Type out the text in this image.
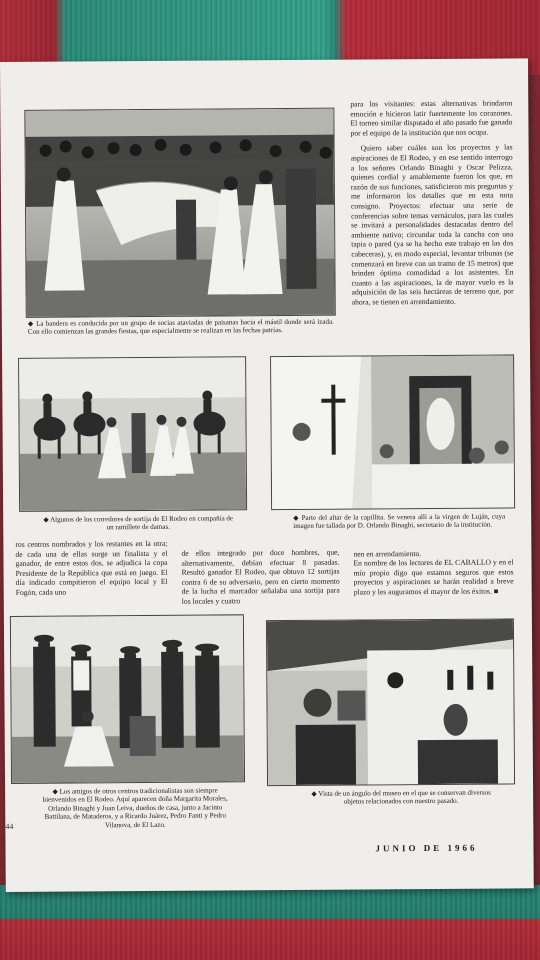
◆ La bandera es conducida por un grupo de socias ataviadas de paisanas hacia el mástil donde será izada. Con ello comienzan las grandes fiestas, que especialmente se realizan en las fechas patrias.

para los visitantes: estas alternativas brindaron emoción e hicieron latir fuertemente los corazones. El torneo similar disputado el año pasado fue ganado por el equipo de la institución que nos ocupa.

Quiero saber cuáles son los proyectos y las aspiraciones de El Rodeo, y en ese sentido interrogo a los señores Orlando Binaghi y Oscar Pelizza, quienes cordial y amablemente fueron los que, en razón de sus funciones, satisficieron mis preguntas y me informaron los detalles que en esta nota consigno. Proyectos: efectuar una serie de conferencias sobre temas vernáculos, para las cuales se invitará a personalidades destacadas dentro del ambiente nativo; circundar toda la cancha con una tapia o pared (ya se ha hecho este trabajo en las dos cabeceras), y, en modo especial, levantar tribunas (se comenzará en breve con un tramo de 15 metros) que brinden óptima comodidad a los asistentes. En cuanto a las aspiraciones, la de mayor vuelo es la adquisición de las seis hectáreas de terreno que, por ahora, se tienen en arrendamiento.

◆ Algunos de los corredores de sortija de El Rodeo en compañía de un ramillete de damas.

◆ Parte del altar de la capillita. Se venera allí a la virgen de Luján, cuya imagen fue tallada por D. Orlando Binaghi, secretario de la institución.

ros centros nombrados y los restantes en la otra; de cada una de ellas surge un finalista y el ganador, de entre estos dos, se adjudica la copa Presidente de la República que está en juego. El día indicado compitieron el equipo local y El Fogón, cada uno

de ellos integrado por doce hombres, que, alternativamente, debían efectuar 8 pasadas. Resultó ganador El Rodeo, que obtuvo 12 sortijas contra 6 de su adversario, pero en cierto momento de la lucha el marcador señalaba una sortija para los locales y cuatro

nen en arrendamiento.
En nombre de los lectores de EL CABALLO y en el mío propio digo que estamos seguros que estos proyectos y aspiraciones se harán realidad a breve plazo y les auguramos el mayor de los éxitos. ■

◆ Los amigos de otros centros tradicionalistas son siempre bienvenidos en El Rodeo. Aquí aparecen doña Margarita Morales, Orlando Binaghi y Juan Leiva, dueños de casa, junto a Jacinto Battilana, de Mataderos, y a Ricardo Juárez, Pedro Fanti y Pedro Vilanova, de El Lazo.

◆ Vista de un ángulo del museo en el que se conservan diversos objetos relacionados con nuestro pasado.

44
JUNIO DE 1966
